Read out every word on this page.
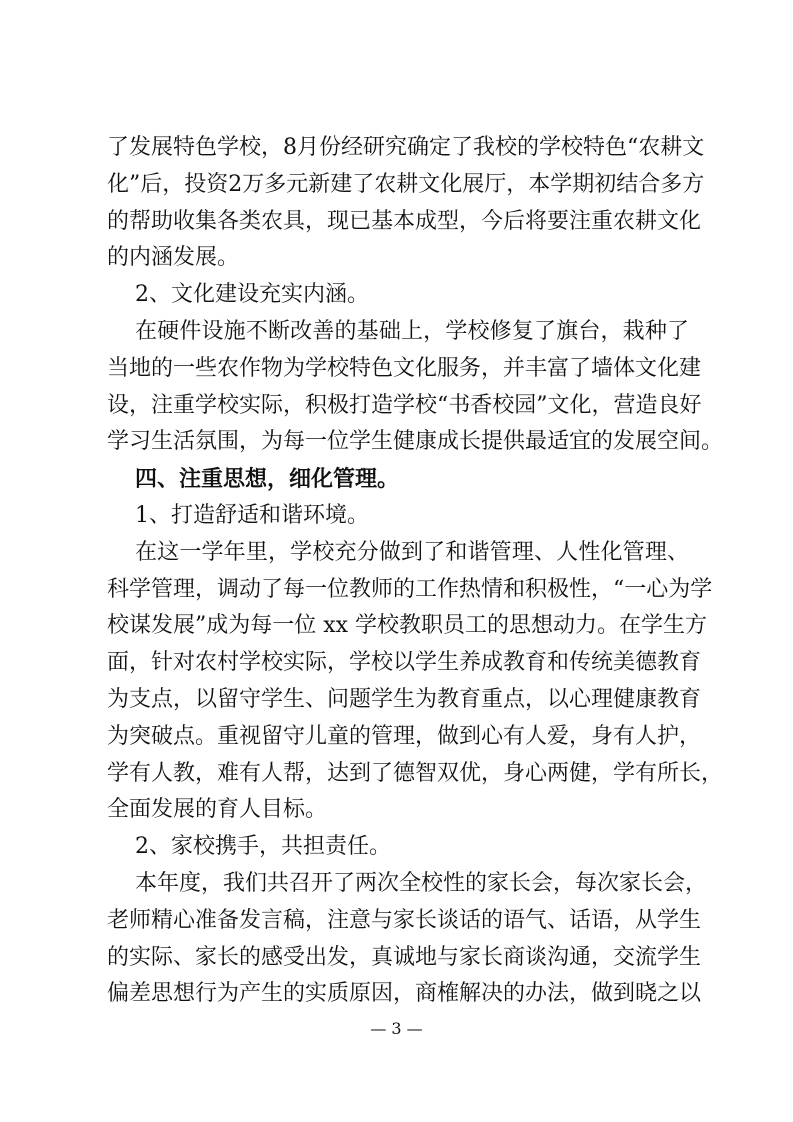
了发展特色学校，8月份经研究确定了我校的学校特色“农耕文
化”后，投资2万多元新建了农耕文化展厅，本学期初结合多方
的帮助收集各类农具，现已基本成型，今后将要注重农耕文化
的内涵发展。
2、文化建设充实内涵。
在硬件设施不断改善的基础上，学校修复了旗台，栽种了
当地的一些农作物为学校特色文化服务，并丰富了墙体文化建
设，注重学校实际，积极打造学校“书香校园”文化，营造良好
学习生活氛围，为每一位学生健康成长提供最适宜的发展空间。
四、注重思想，细化管理。
1、打造舒适和谐环境。
在这一学年里，学校充分做到了和谐管理、人性化管理、
科学管理，调动了每一位教师的工作热情和积极性，“一心为学
校谋发展”成为每一位 xx 学校教职员工的思想动力。在学生方
面，针对农村学校实际，学校以学生养成教育和传统美德教育
为支点，以留守学生、问题学生为教育重点，以心理健康教育
为突破点。重视留守儿童的管理，做到心有人爱，身有人护，
学有人教，难有人帮，达到了德智双优，身心两健，学有所长，
全面发展的育人目标。
2、家校携手，共担责任。
本年度，我们共召开了两次全校性的家长会，每次家长会，
老师精心准备发言稿，注意与家长谈话的语气、话语，从学生
的实际、家长的感受出发，真诚地与家长商谈沟通，交流学生
偏差思想行为产生的实质原因，商榷解决的办法，做到晓之以
— 3 —
